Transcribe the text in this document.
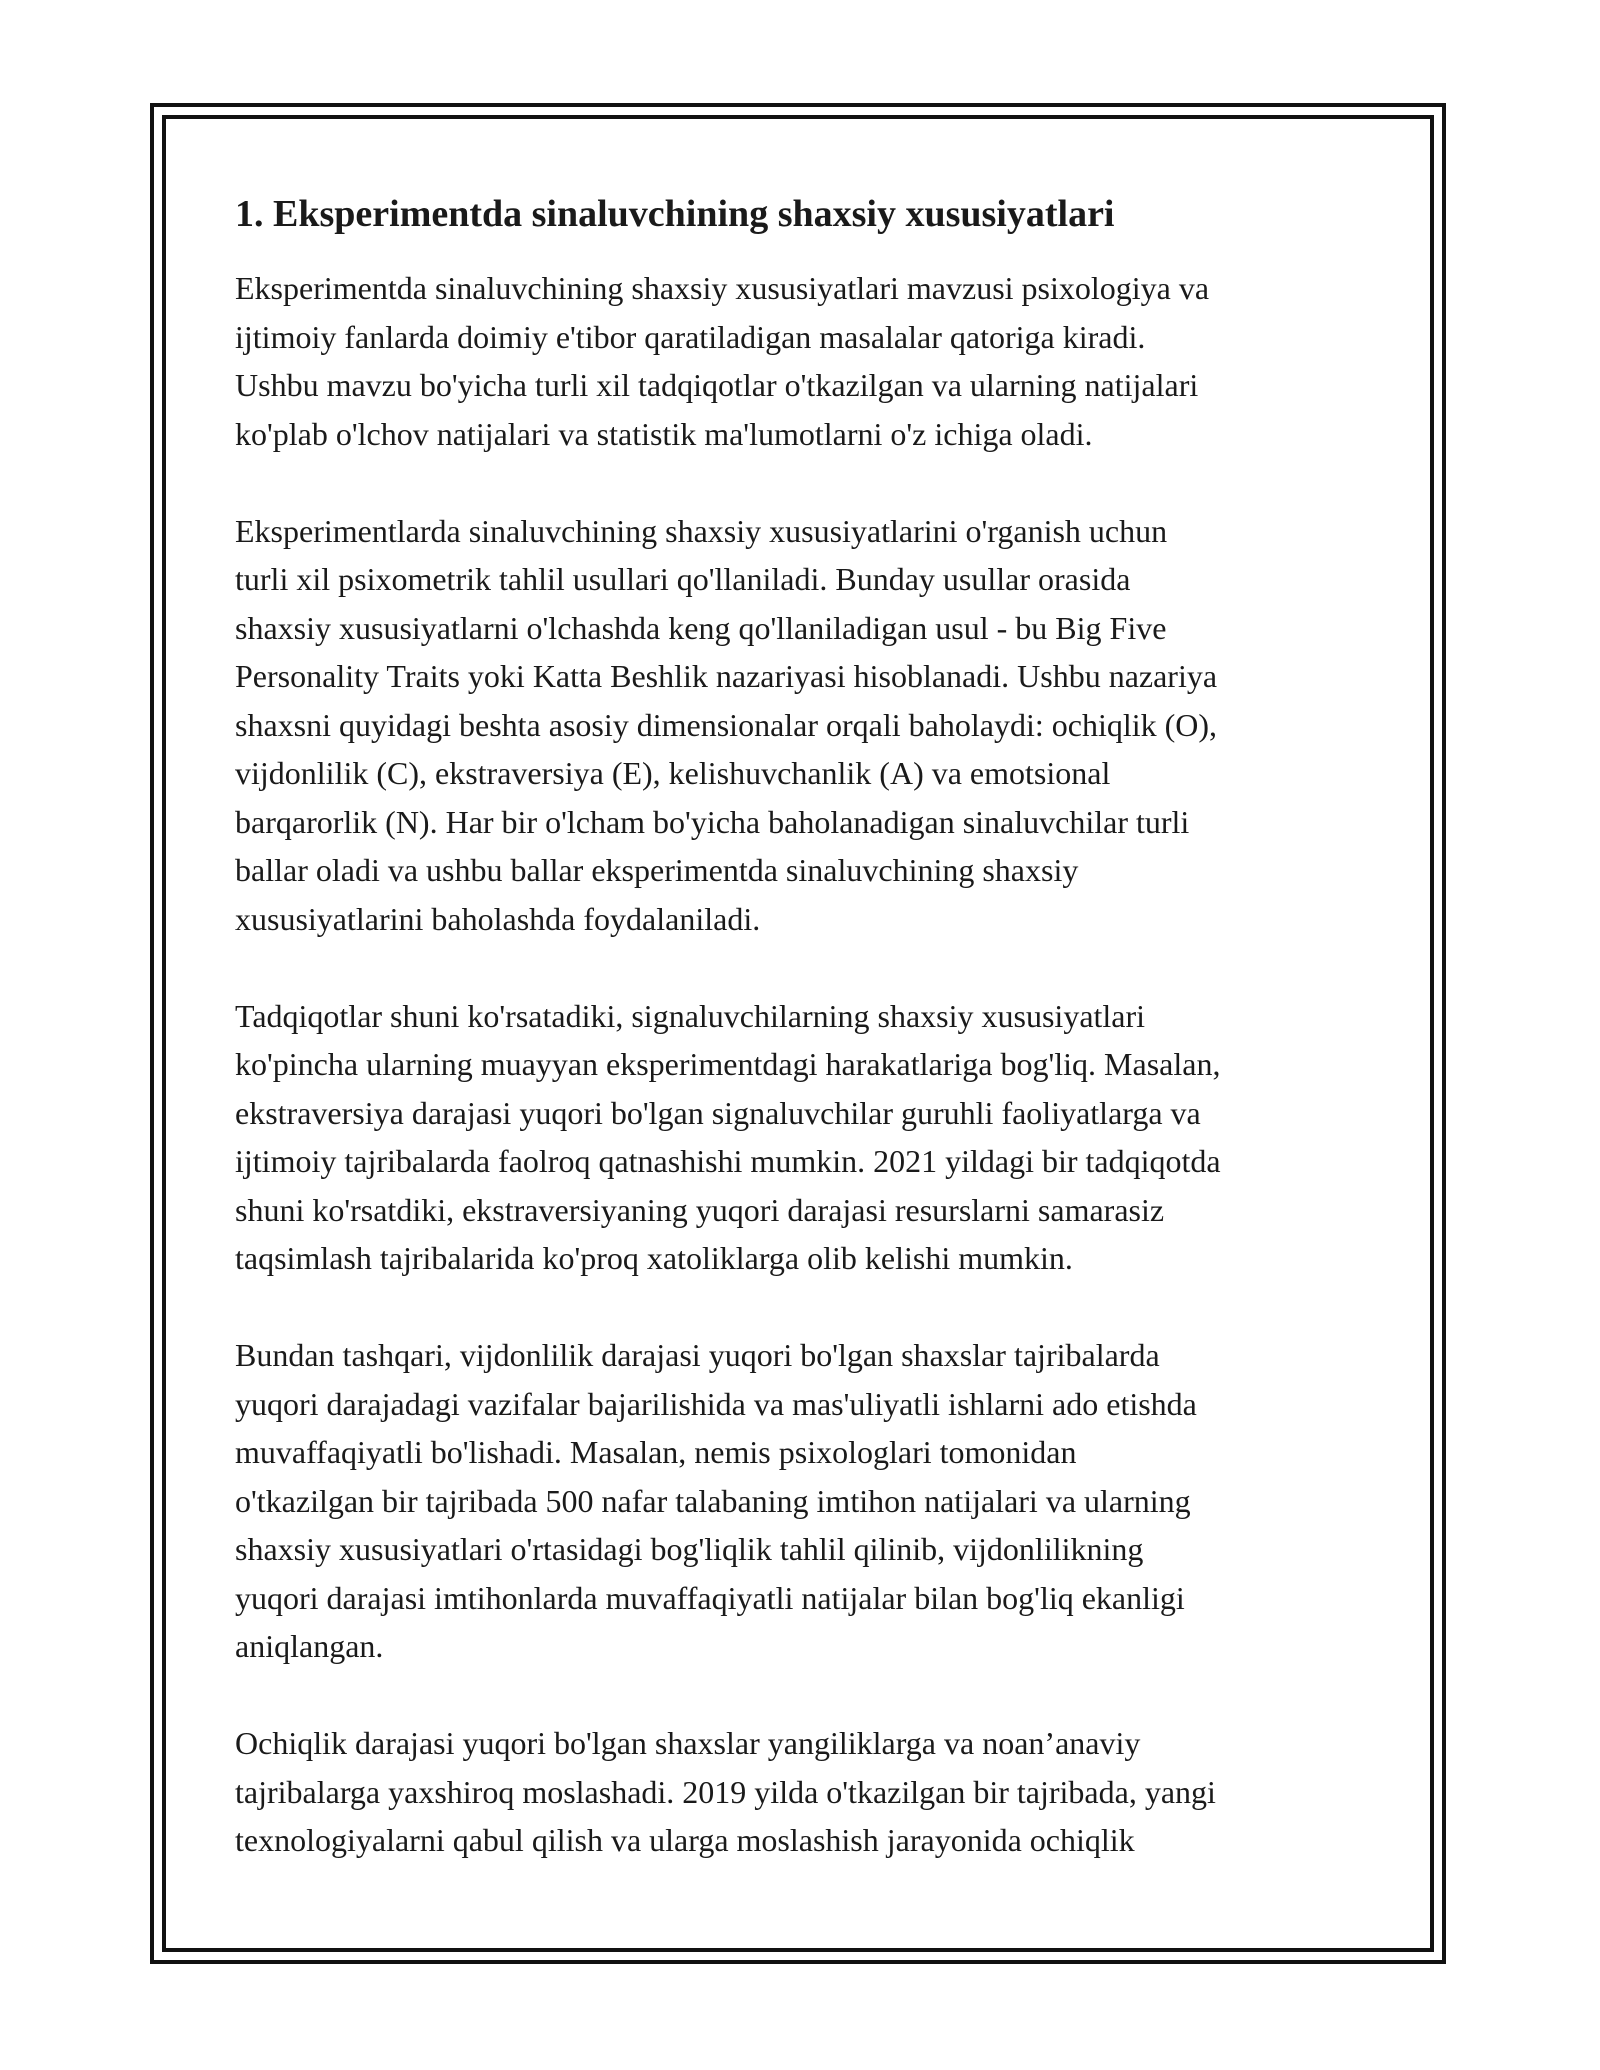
1. Eksperimentda sinaluvchining shaxsiy xususiyatlari

Eksperimentda sinaluvchining shaxsiy xususiyatlari mavzusi psixologiya va
ijtimoiy fanlarda doimiy e'tibor qaratiladigan masalalar qatoriga kiradi.
Ushbu mavzu bo'yicha turli xil tadqiqotlar o'tkazilgan va ularning natijalari
ko'plab o'lchov natijalari va statistik ma'lumotlarni o'z ichiga oladi.

Eksperimentlarda sinaluvchining shaxsiy xususiyatlarini o'rganish uchun
turli xil psixometrik tahlil usullari qo'llaniladi. Bunday usullar orasida
shaxsiy xususiyatlarni o'lchashda keng qo'llaniladigan usul - bu Big Five
Personality Traits yoki Katta Beshlik nazariyasi hisoblanadi. Ushbu nazariya
shaxsni quyidagi beshta asosiy dimensionalar orqali baholaydi: ochiqlik (O),
vijdonlilik (C), ekstraversiya (E), kelishuvchanlik (A) va emotsional
barqarorlik (N). Har bir o'lcham bo'yicha baholanadigan sinaluvchilar turli
ballar oladi va ushbu ballar eksperimentda sinaluvchining shaxsiy
xususiyatlarini baholashda foydalaniladi.

Tadqiqotlar shuni ko'rsatadiki, signaluvchilarning shaxsiy xususiyatlari
ko'pincha ularning muayyan eksperimentdagi harakatlariga bog'liq. Masalan,
ekstraversiya darajasi yuqori bo'lgan signaluvchilar guruhli faoliyatlarga va
ijtimoiy tajribalarda faolroq qatnashishi mumkin. 2021 yildagi bir tadqiqotda
shuni ko'rsatdiki, ekstraversiyaning yuqori darajasi resurslarni samarasiz
taqsimlash tajribalarida ko'proq xatoliklarga olib kelishi mumkin.

Bundan tashqari, vijdonlilik darajasi yuqori bo'lgan shaxslar tajribalarda
yuqori darajadagi vazifalar bajarilishida va mas'uliyatli ishlarni ado etishda
muvaffaqiyatli bo'lishadi. Masalan, nemis psixologlari tomonidan
o'tkazilgan bir tajribada 500 nafar talabaning imtihon natijalari va ularning
shaxsiy xususiyatlari o'rtasidagi bog'liqlik tahlil qilinib, vijdonlilikning
yuqori darajasi imtihonlarda muvaffaqiyatli natijalar bilan bog'liq ekanligi
aniqlangan.

Ochiqlik darajasi yuqori bo'lgan shaxslar yangiliklarga va noan’anaviy
tajribalarga yaxshiroq moslashadi. 2019 yilda o'tkazilgan bir tajribada, yangi
texnologiyalarni qabul qilish va ularga moslashish jarayonida ochiqlik
